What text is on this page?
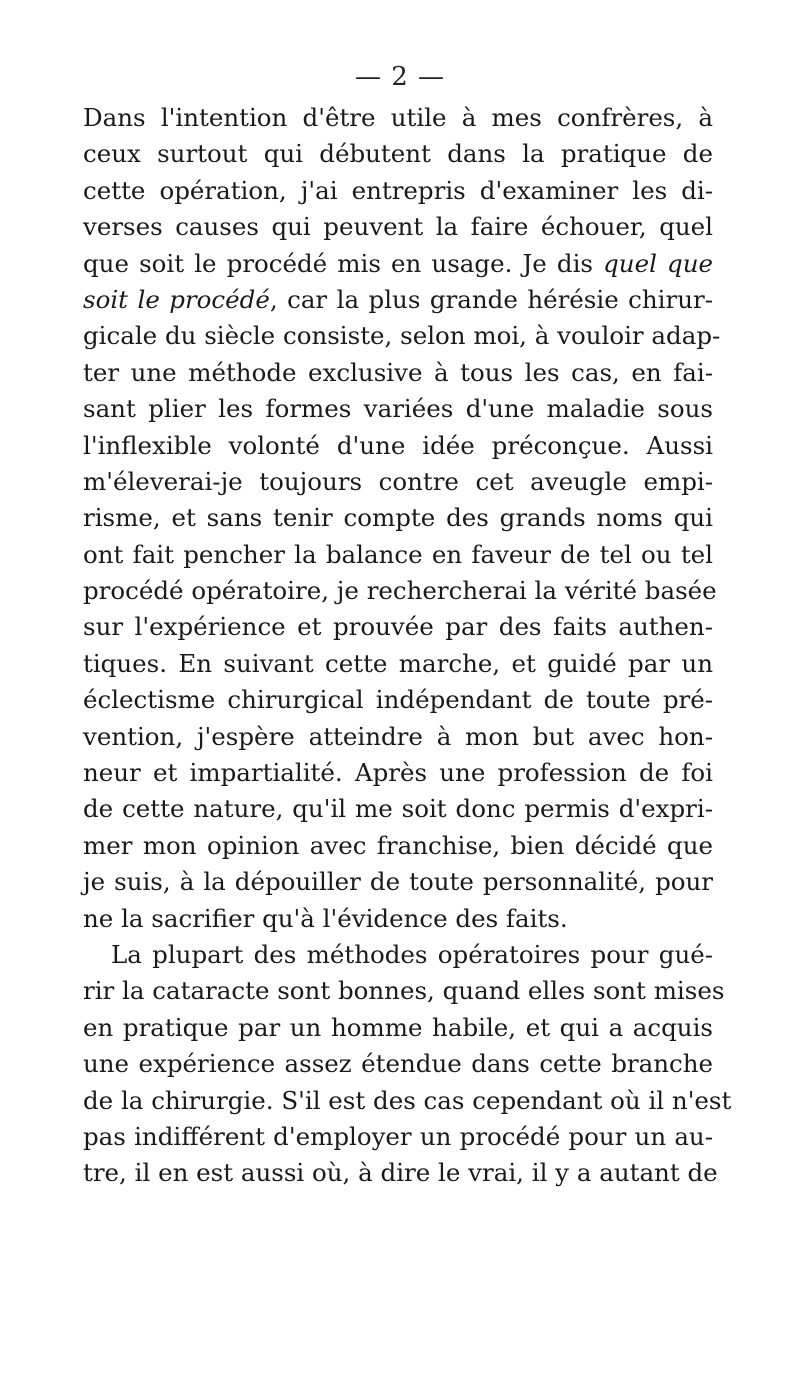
— 2 —
Dans l'intention d'être utile à mes confrères, à
ceux surtout qui débutent dans la pratique de
cette opération, j'ai entrepris d'examiner les di-
verses causes qui peuvent la faire échouer, quel
que soit le procédé mis en usage. Je dis quel que
soit le procédé, car la plus grande hérésie chirur-
gicale du siècle consiste, selon moi, à vouloir adap-
ter une méthode exclusive à tous les cas, en fai-
sant plier les formes variées d'une maladie sous
l'inflexible volonté d'une idée préconçue. Aussi
m'éleverai-je toujours contre cet aveugle empi-
risme, et sans tenir compte des grands noms qui
ont fait pencher la balance en faveur de tel ou tel
procédé opératoire, je rechercherai la vérité basée
sur l'expérience et prouvée par des faits authen-
tiques. En suivant cette marche, et guidé par un
éclectisme chirurgical indépendant de toute pré-
vention, j'espère atteindre à mon but avec hon-
neur et impartialité. Après une profession de foi
de cette nature, qu'il me soit donc permis d'expri-
mer mon opinion avec franchise, bien décidé que
je suis, à la dépouiller de toute personnalité, pour
ne la sacrifier qu'à l'évidence des faits.
La plupart des méthodes opératoires pour gué-
rir la cataracte sont bonnes, quand elles sont mises
en pratique par un homme habile, et qui a acquis
une expérience assez étendue dans cette branche
de la chirurgie. S'il est des cas cependant où il n'est
pas indifférent d'employer un procédé pour un au-
tre, il en est aussi où, à dire le vrai, il y a autant de
